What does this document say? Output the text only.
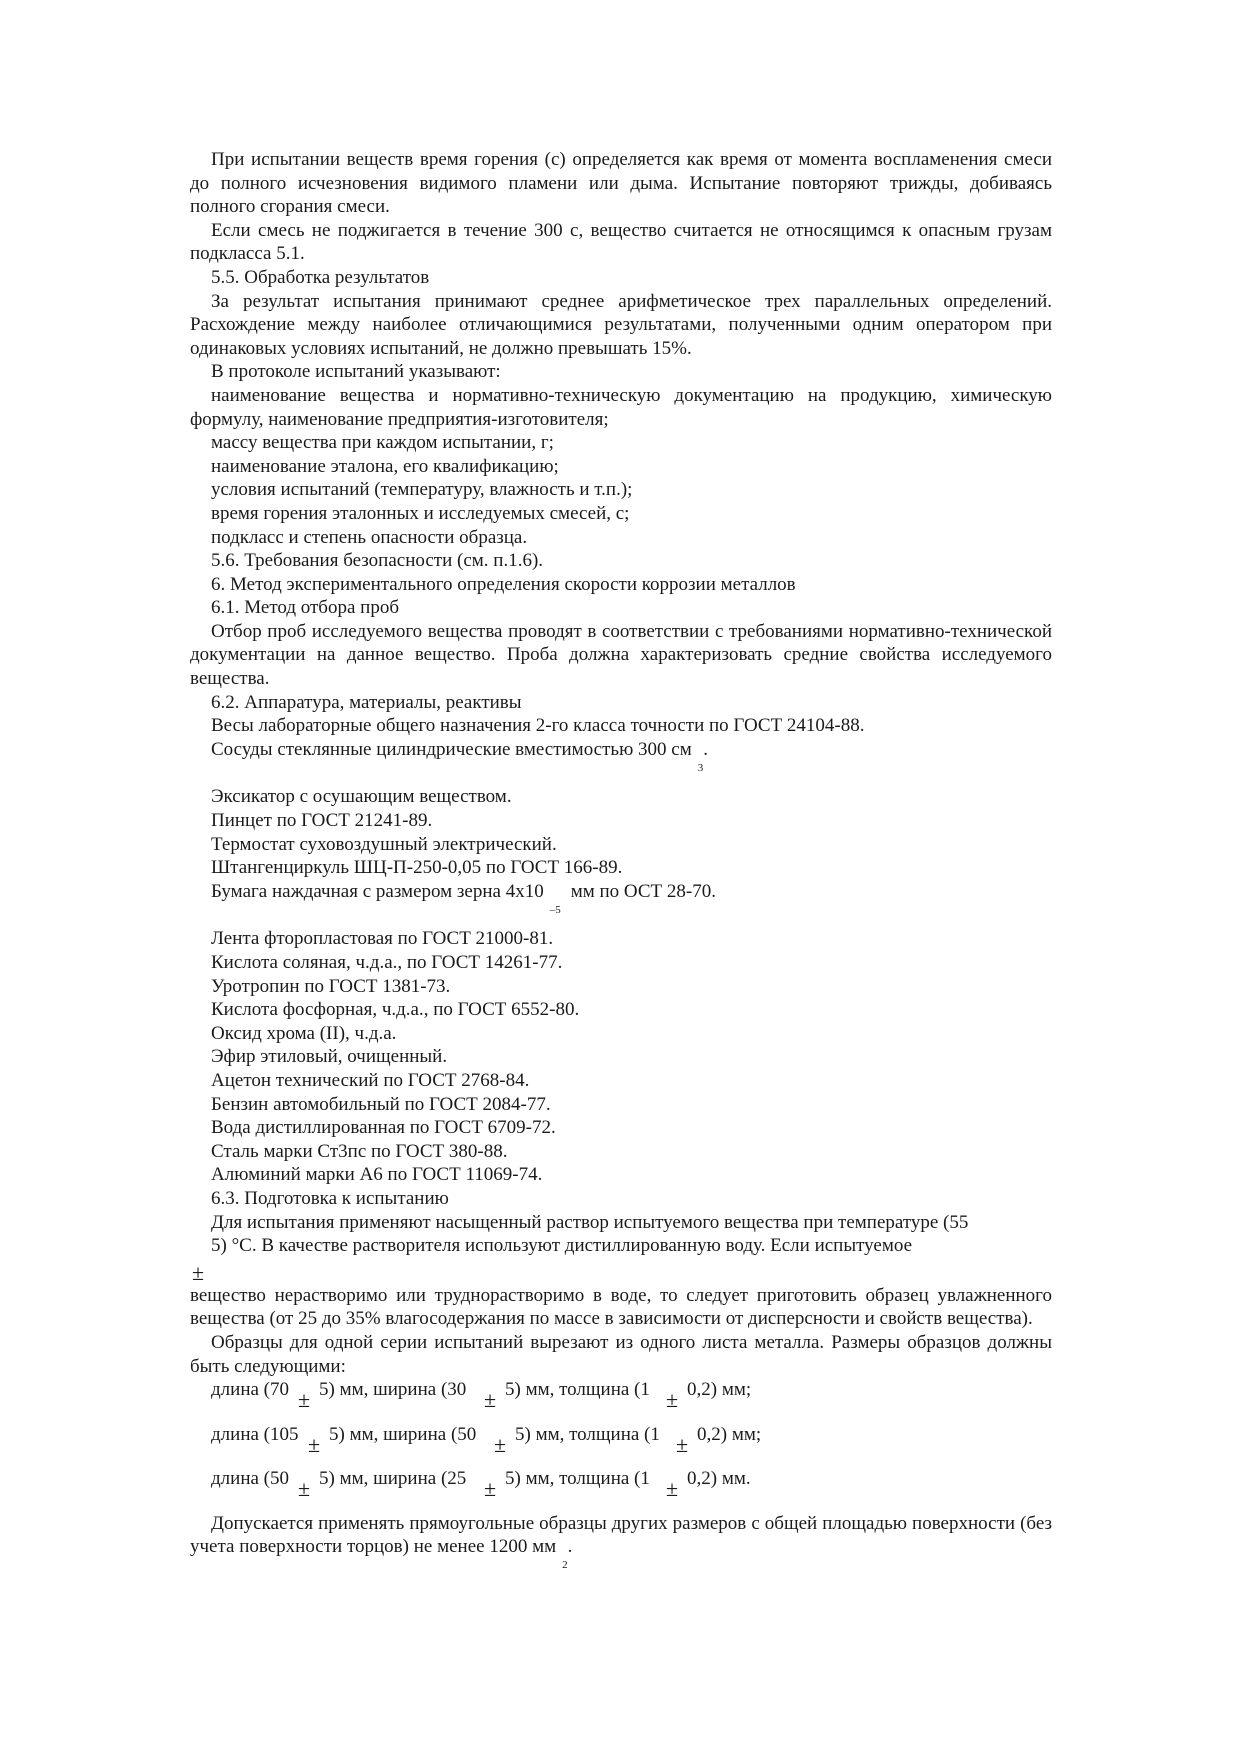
При испытании веществ время горения (с) определяется как время от момента воспламенения смеси до полного исчезновения видимого пламени или дыма. Испытание повторяют трижды, добиваясь полного сгорания смеси.

Если смесь не поджигается в течение 300 с, вещество считается не относящимся к опасным грузам подкласса 5.1.

5.5. Обработка результатов

За результат испытания принимают среднее арифметическое трех параллельных определений. Расхождение между наиболее отличающимися результатами, полученными одним оператором при одинаковых условиях испытаний, не должно превышать 15%.

В протоколе испытаний указывают:

наименование вещества и нормативно-техническую документацию на продукцию, химическую формулу, наименование предприятия-изготовителя;

массу вещества при каждом испытании, г;

наименование эталона, его квалификацию;

условия испытаний (температуру, влажность и т.п.);

время горения эталонных и исследуемых смесей, с;

подкласс и степень опасности образца.

5.6. Требования безопасности (см. п.1.6).

6. Метод экспериментального определения скорости коррозии металлов

6.1. Метод отбора проб

Отбор проб исследуемого вещества проводят в соответствии с требованиями нормативно-технической документации на данное вещество. Проба должна характеризовать средние свойства исследуемого вещества.

6.2. Аппаратура, материалы, реактивы

Весы лабораторные общего назначения 2-го класса точности по ГОСТ 24104-88.

Сосуды стеклянные цилиндрические вместимостью 300 $см_3$.

Эксикатор с осушающим веществом.

Пинцет по ГОСТ 21241-89.

Термостат суховоздушный электрический.

Штангенциркуль ШЦ-П-250-0,05 по ГОСТ 166-89.

Бумага наждачная с размером зерна $4x10_{-5}мм$ по ОСТ 28-70.

Лента фторопластовая по ГОСТ 21000-81.

Кислота соляная, ч.д.а., по ГОСТ 14261-77.

Уротропин по ГОСТ 1381-73.

Кислота фосфорная, ч.д.а., по ГОСТ 6552-80.

Оксид хрома (II), ч.д.а.

Эфир этиловый, очищенный.

Ацетон технический по ГОСТ 2768-84.

Бензин автомобильный по ГОСТ 2084-77.

Вода дистиллированная по ГОСТ 6709-72.

Сталь марки Ст3пс по ГОСТ 380-88.

Алюминий марки А6 по ГОСТ 11069-74.

6.3. Подготовка к испытанию

Для испытания применяют насыщенный раствор испытуемого вещества при температуре (55

5) °С. В качестве растворителя используют дистиллированную воду. Если испытуемое

±

вещество нерастворимо или труднорастворимо в воде, то следует приготовить образец увлажненного вещества (от 25 до 35% влагосодержания по массе в зависимости от дисперсности и свойств вещества).

Образцы для одной серии испытаний вырезают из одного листа металла. Размеры образцов должны быть следующими:

длина (70 ± 5) мм, ширина (30 ± 5) мм, толщина (1 ± 0,2) мм;
длина (105 ± 5) мм, ширина (50 ± 5) мм, толщина (1 ± 0,2) мм;
длина (50 ± 5) мм, ширина (25 ± 5) мм, толщина (1 ± 0,2) мм.

Допускается применять прямоугольные образцы других размеров с общей площадью поверхности (без учета поверхности торцов) не менее 1200 $мм_2$.
